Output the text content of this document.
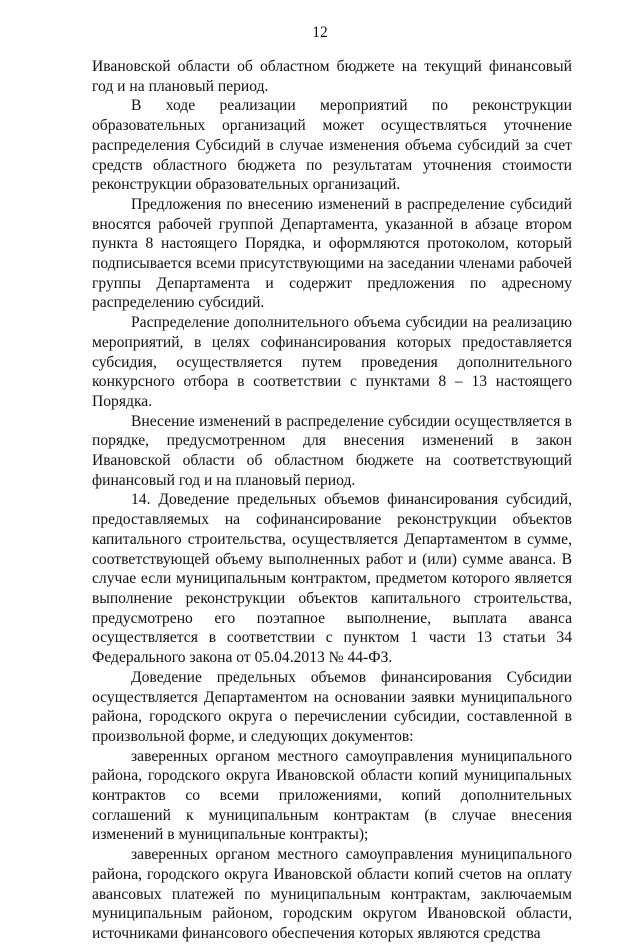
12

Ивановской области об областном бюджете на текущий финансовый год и на плановый период.

В ходе реализации мероприятий по реконструкции образовательных организаций может осуществляться уточнение распределения Субсидий в случае изменения объема субсидий за счет средств областного бюджета по результатам уточнения стоимости реконструкции образовательных организаций.

Предложения по внесению изменений в распределение субсидий вносятся рабочей группой Департамента, указанной в абзаце втором пункта 8 настоящего Порядка, и оформляются протоколом, который подписывается всеми присутствующими на заседании членами рабочей группы Департамента и содержит предложения по адресному распределению субсидий.

Распределение дополнительного объема субсидии на реализацию мероприятий, в целях софинансирования которых предоставляется субсидия, осуществляется путем проведения дополнительного конкурсного отбора в соответствии с пунктами 8 – 13 настоящего Порядка.

Внесение изменений в распределение субсидии осуществляется в порядке, предусмотренном для внесения изменений в закон Ивановской области об областном бюджете на соответствующий финансовый год и на плановый период.

14. Доведение предельных объемов финансирования субсидий, предоставляемых на софинансирование реконструкции объектов капитального строительства, осуществляется Департаментом в сумме, соответствующей объему выполненных работ и (или) сумме аванса. В случае если муниципальным контрактом, предметом которого является выполнение реконструкции объектов капитального строительства, предусмотрено его поэтапное выполнение, выплата аванса осуществляется в соответствии с пунктом 1 части 13 статьи 34 Федерального закона от 05.04.2013 № 44-ФЗ.

Доведение предельных объемов финансирования Субсидии осуществляется Департаментом на основании заявки муниципального района, городского округа о перечислении субсидии, составленной в произвольной форме, и следующих документов:

заверенных органом местного самоуправления муниципального района, городского округа Ивановской области копий муниципальных контрактов со всеми приложениями, копий дополнительных соглашений к муниципальным контрактам (в случае внесения изменений в муниципальные контракты);

заверенных органом местного самоуправления муниципального района, городского округа Ивановской области копий счетов на оплату авансовых платежей по муниципальным контрактам, заключаемым муниципальным районом, городским округом Ивановской области, источниками финансового обеспечения которых являются средства
